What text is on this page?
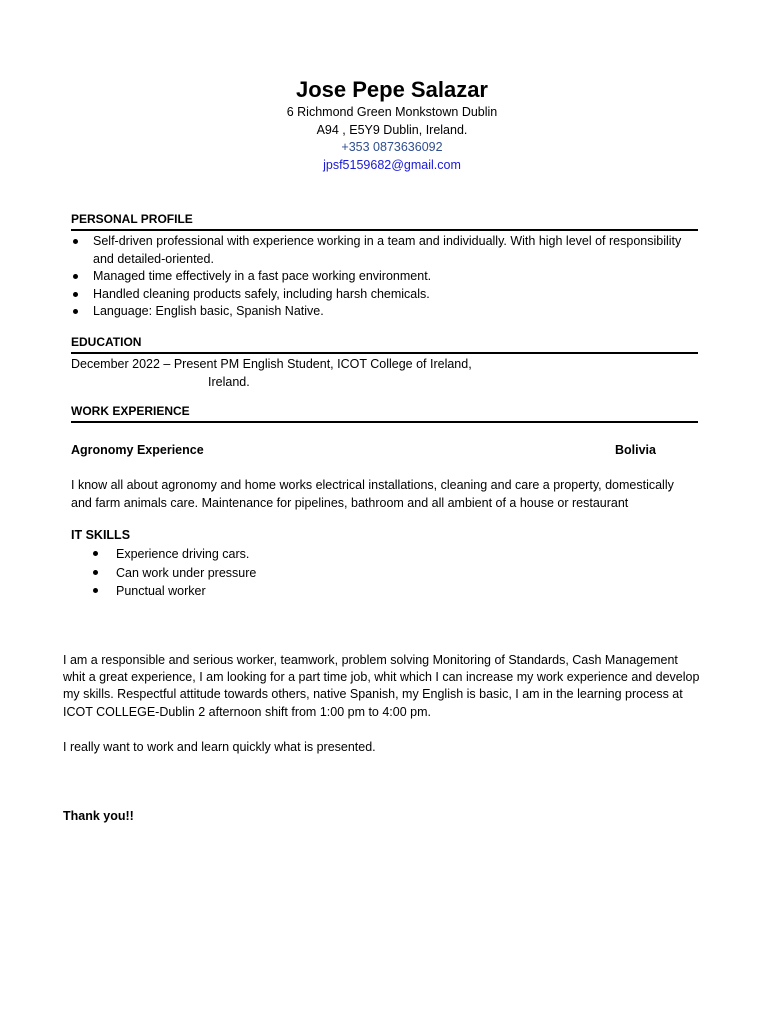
Jose Pepe Salazar
6 Richmond Green Monkstown Dublin
A94 , E5Y9 Dublin, Ireland.
+353 0873636092
jpsf5159682@gmail.com
PERSONAL PROFILE
Self-driven professional with experience working in a team and individually. With high level of responsibility and detailed-oriented.
Managed time effectively in a fast pace working environment.
Handled cleaning products safely, including harsh chemicals.
Language: English basic, Spanish Native.
EDUCATION
December 2022 – Present PM English Student, ICOT College of Ireland,
Ireland.
WORK EXPERIENCE
Agronomy Experience	Bolivia
I know all about agronomy and home works electrical installations, cleaning and care a property, domestically and farm animals care. Maintenance for pipelines, bathroom and all ambient of a house or restaurant
IT SKILLS
Experience driving cars.
Can work under pressure
Punctual worker
I am a responsible and serious worker, teamwork, problem solving Monitoring of Standards, Cash Management whit a great experience, I am looking for a part time job, whit which I can increase my work experience and develop my skills. Respectful attitude towards others, native Spanish, my English is basic, I am in the learning process at ICOT COLLEGE-Dublin 2 afternoon shift from 1:00 pm to 4:00 pm.
I really want to work and learn quickly what is presented.
Thank you!!
